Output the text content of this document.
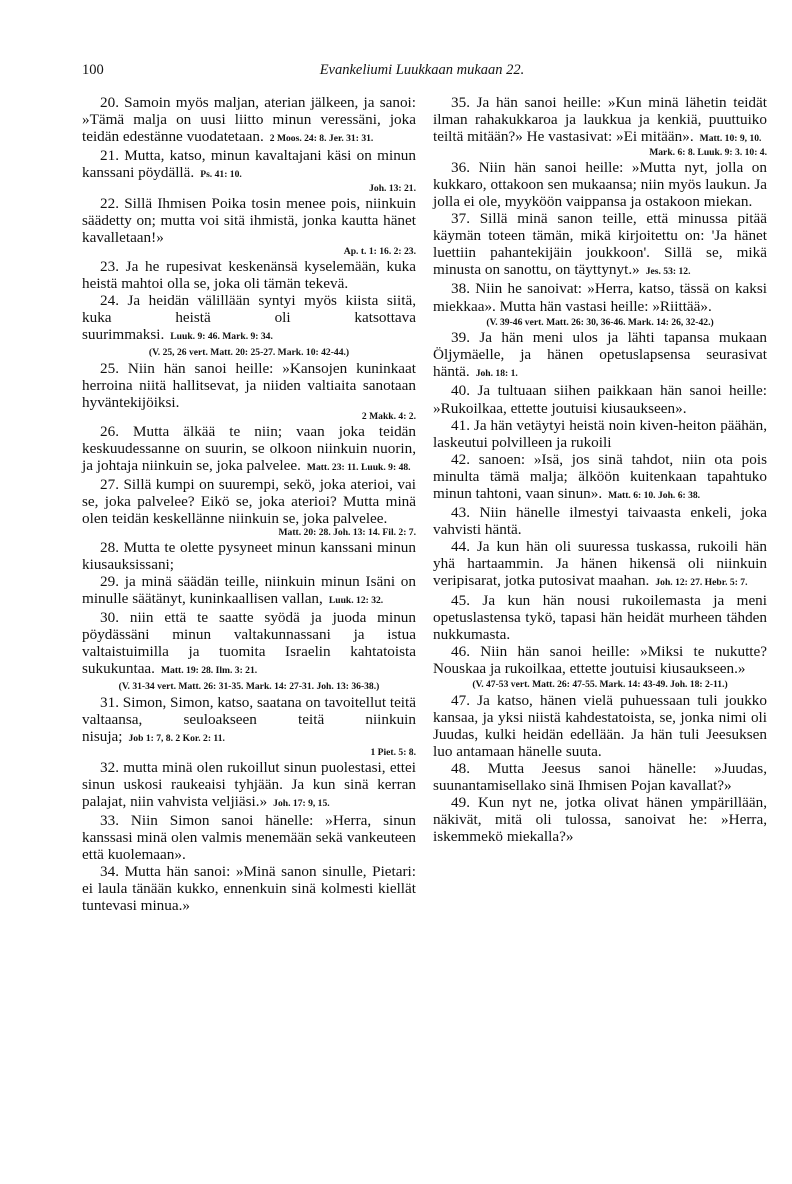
100	Evankeliumi Luukkaan mukaan 22.

20. Samoin myös maljan, aterian jälkeen, ja sanoi: »Tämä malja on uusi liitto minun veressäni, joka teidän edestänne vuodatetaan. 2 Moos. 24: 8. Jer. 31: 31.

21. Mutta, katso, minun kavaltajani käsi on minun kanssani pöydällä. Ps. 41: 10.

Joh. 13: 21.

22. Sillä Ihmisen Poika tosin menee pois, niinkuin säädetty on; mutta voi sitä ihmistä, jonka kautta hänet kavalletaan!»

Ap. t. 1: 16. 2: 23.

23. Ja he rupesivat keskenänsä kyselemään, kuka heistä mahtoi olla se, joka oli tämän tekevä.

24. Ja heidän välillään syntyi myös kiista siitä, kuka heistä oli katsottava suurimmaksi. Luuk. 9: 46. Mark. 9: 34.

(V. 25, 26 vert. Matt. 20: 25-27. Mark. 10: 42-44.)

25. Niin hän sanoi heille: »Kansojen kuninkaat herroina niitä hallitsevat, ja niiden valtiaita sanotaan hyväntekijöiksi.

2 Makk. 4: 2.

26. Mutta älkää te niin; vaan joka teidän keskuudessanne on suurin, se olkoon niinkuin nuorin, ja johtaja niinkuin se, joka palvelee. Matt. 23: 11. Luuk. 9: 48.

27. Sillä kumpi on suurempi, sekö, joka aterioi, vai se, joka palvelee? Eikö se, joka aterioi? Mutta minä olen teidän keskellänne niinkuin se, joka palvelee.

Matt. 20: 28. Joh. 13: 14. Fil. 2: 7.

28. Mutta te olette pysyneet minun kanssani minun kiusauksissani;

29. ja minä säädän teille, niinkuin minun Isäni on minulle säätänyt, kuninkaallisen vallan, Luuk. 12: 32.

30. niin että te saatte syödä ja juoda minun pöydässäni minun valtakunnassani ja istua valtaistuimilla ja tuomita Israelin kahtatoista sukukuntaa. Matt. 19: 28. Ilm. 3: 21.

(V. 31-34 vert. Matt. 26: 31-35. Mark. 14: 27-31. Joh. 13: 36-38.)

31. Simon, Simon, katso, saatana on tavoitellut teitä valtaansa, seuloakseen teitä niinkuin nisuja; Job 1: 7, 8. 2 Kor. 2: 11.

1 Piet. 5: 8.

32. mutta minä olen rukoillut sinun puolestasi, ettei sinun uskosi raukeaisi tyhjään. Ja kun sinä kerran palajat, niin vahvista veljiäsi.» Joh. 17: 9, 15.

33. Niin Simon sanoi hänelle: »Herra, sinun kanssasi minä olen valmis menemään sekä vankeuteen että kuolemaan».

34. Mutta hän sanoi: »Minä sanon sinulle, Pietari: ei laula tänään kukko, ennenkuin sinä kolmesti kiellät tuntevasi minua.»

35. Ja hän sanoi heille: »Kun minä lähetin teidät ilman rahakukkaroa ja laukkua ja kenkiä, puuttuiko teiltä mitään?» He vastasivat: »Ei mitään». Matt. 10: 9, 10.

Mark. 6: 8. Luuk. 9: 3. 10: 4.

36. Niin hän sanoi heille: »Mutta nyt, jolla on kukkaro, ottakoon sen mukaansa; niin myös laukun. Ja jolla ei ole, myyköön vaippansa ja ostakoon miekan.

37. Sillä minä sanon teille, että minussa pitää käymän toteen tämän, mikä kirjoitettu on: 'Ja hänet luettiin pahantekijäin joukkoon'. Sillä se, mikä minusta on sanottu, on täyttynyt.» Jes. 53: 12.

38. Niin he sanoivat: »Herra, katso, tässä on kaksi miekkaa». Mutta hän vastasi heille: »Riittää».

(V. 39-46 vert. Matt. 26: 30, 36-46. Mark. 14: 26, 32-42.)

39. Ja hän meni ulos ja lähti tapansa mukaan Öljymäelle, ja hänen opetuslapsensa seurasivat häntä. Joh. 18: 1.

40. Ja tultuaan siihen paikkaan hän sanoi heille: »Rukoilkaa, ettette joutuisi kiusaukseen».

41. Ja hän vetäytyi heistä noin kiven-heiton päähän, laskeutui polvilleen ja rukoili

42. sanoen: »Isä, jos sinä tahdot, niin ota pois minulta tämä malja; älköön kuitenkaan tapahtuko minun tahtoni, vaan sinun». Matt. 6: 10. Joh. 6: 38.

43. Niin hänelle ilmestyi taivaasta enkeli, joka vahvisti häntä.

44. Ja kun hän oli suuressa tuskassa, rukoili hän yhä hartaammin. Ja hänen hikensä oli niinkuin veripisarat, jotka putosivat maahan. Joh. 12: 27. Hebr. 5: 7.

45. Ja kun hän nousi rukoilemasta ja meni opetuslastensa tykö, tapasi hän heidät murheen tähden nukkumasta.

46. Niin hän sanoi heille: »Miksi te nukutte? Nouskaa ja rukoilkaa, ettette joutuisi kiusaukseen.»

(V. 47-53 vert. Matt. 26: 47-55. Mark. 14: 43-49. Joh. 18: 2-11.)

47. Ja katso, hänen vielä puhuessaan tuli joukko kansaa, ja yksi niistä kahdestatoista, se, jonka nimi oli Juudas, kulki heidän edellään. Ja hän tuli Jeesuksen luo antamaan hänelle suuta.

48. Mutta Jeesus sanoi hänelle: »Juudas, suunantamisellako sinä Ihmisen Pojan kavallat?»

49. Kun nyt ne, jotka olivat hänen ympärillään, näkivät, mitä oli tulossa, sanoivat he: »Herra, iskemmekö miekalla?»
